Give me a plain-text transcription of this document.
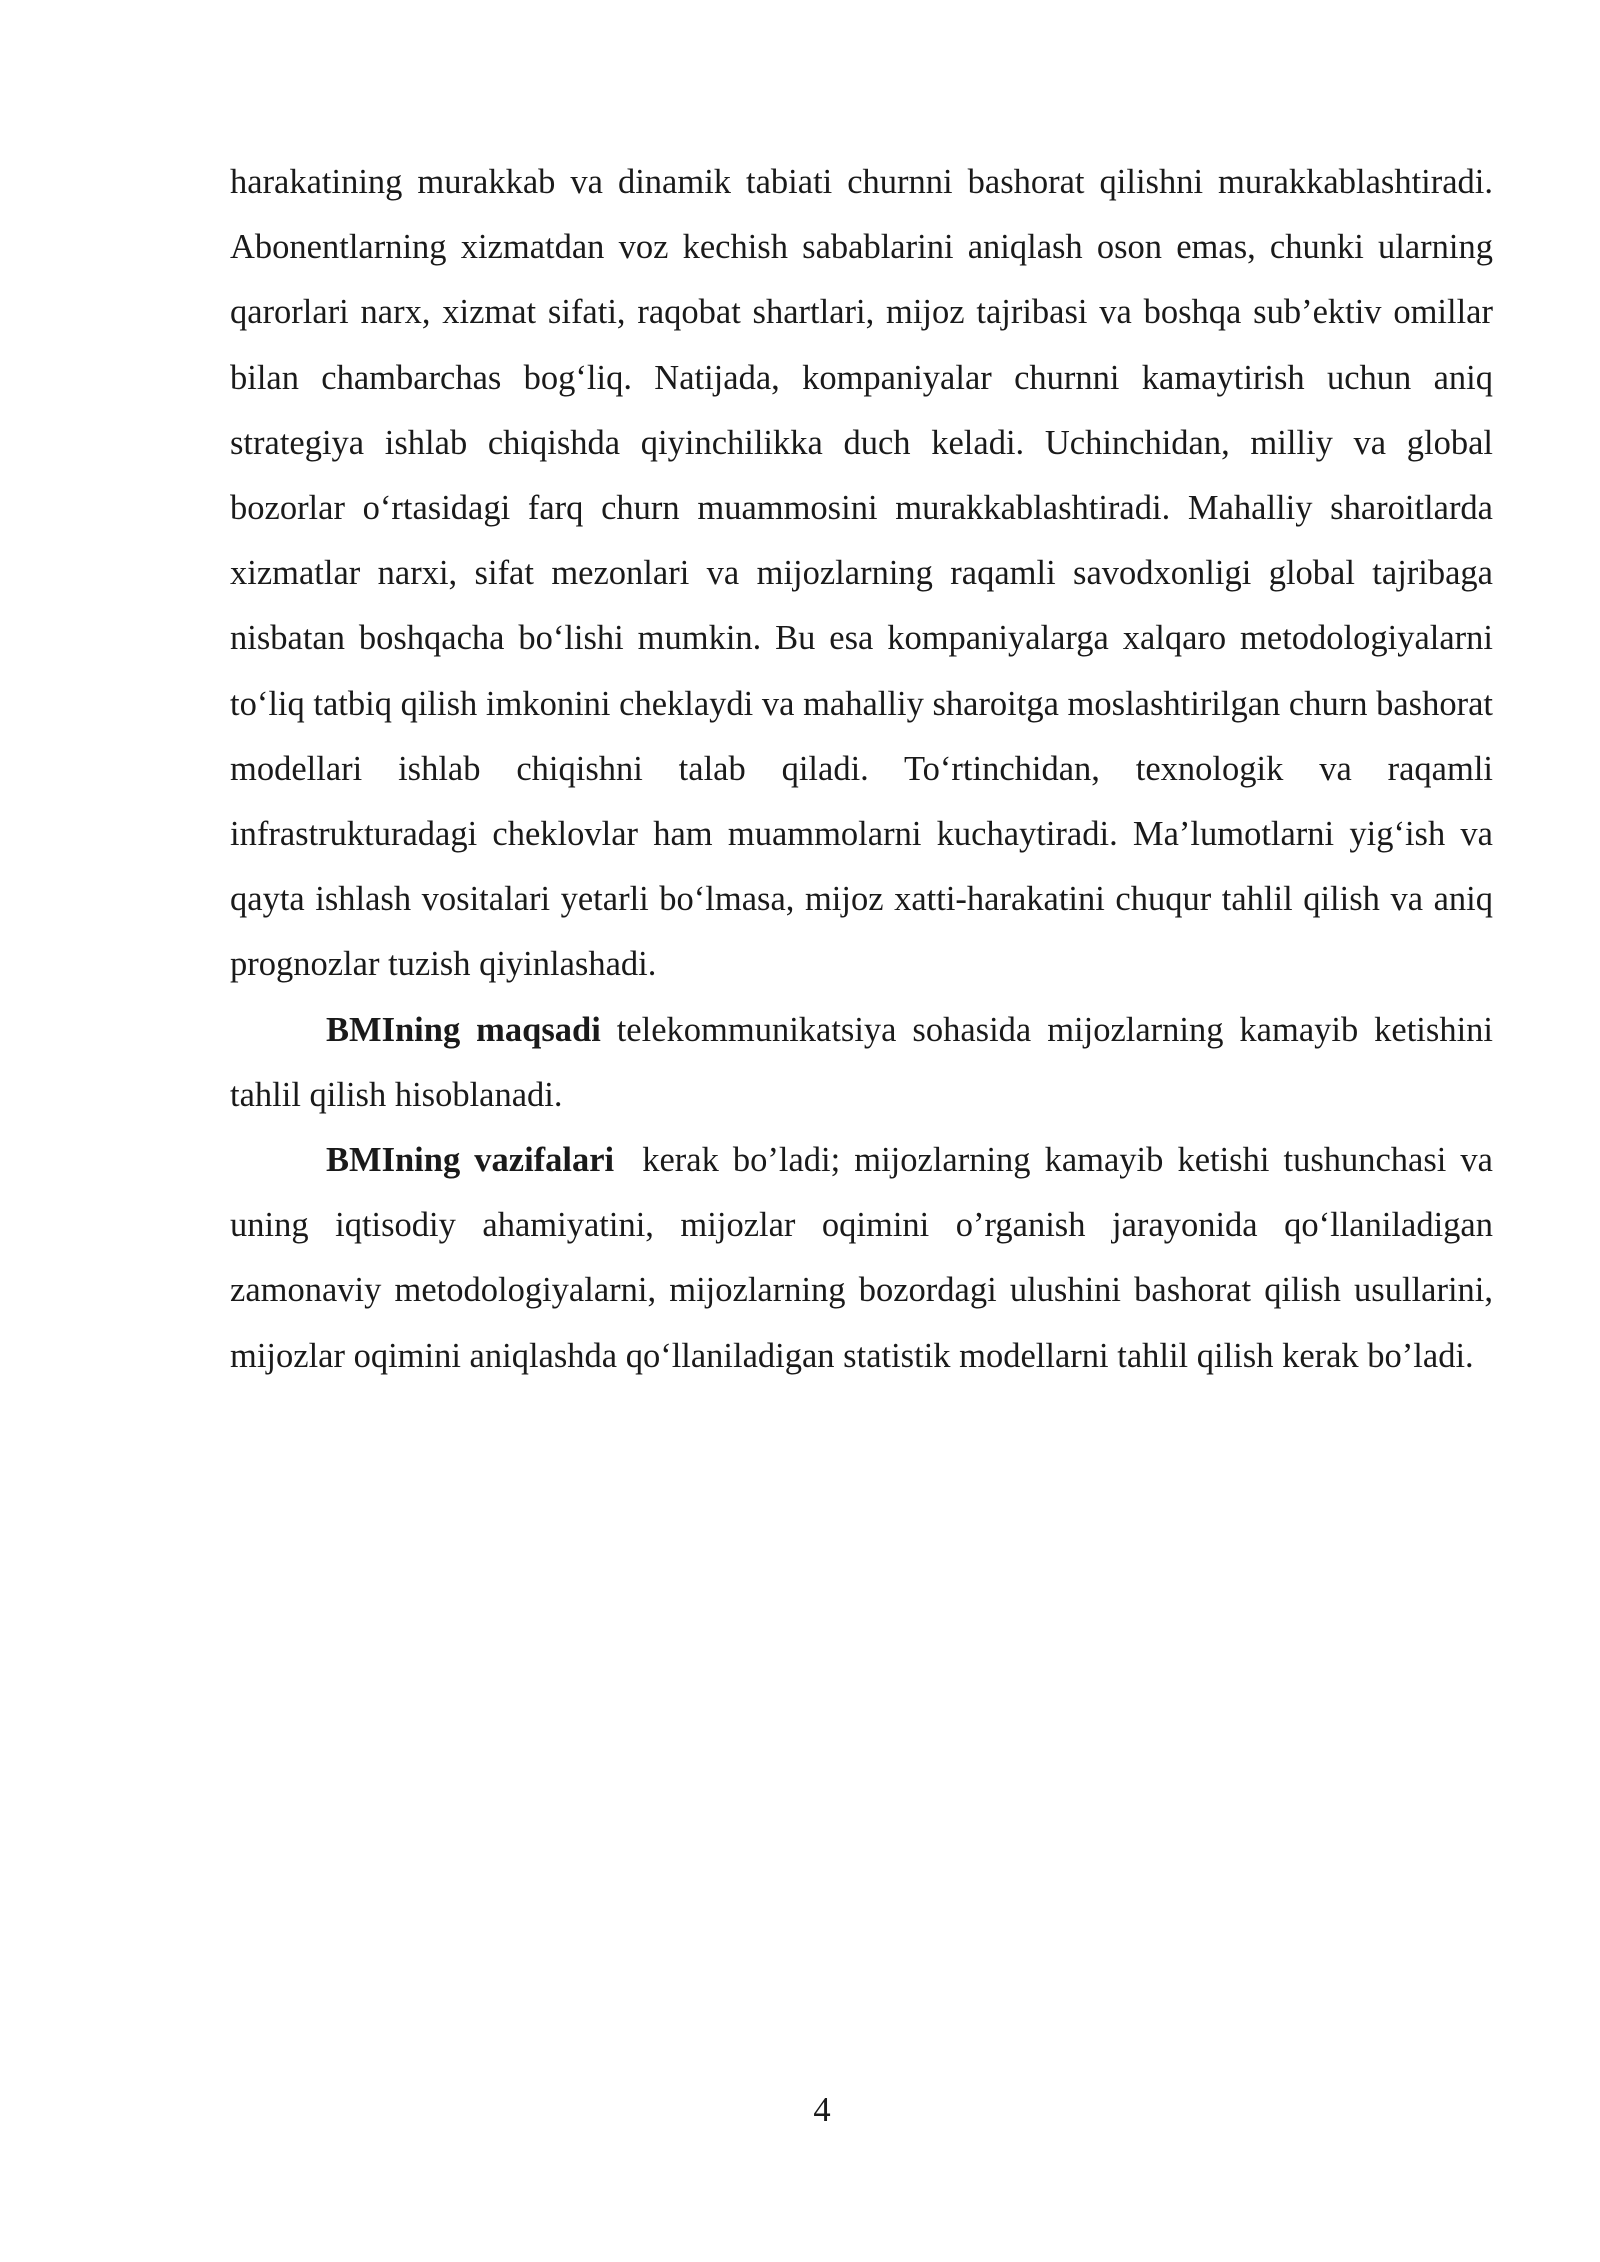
harakatining murakkab va dinamik tabiati churnni bashorat qilishni murakkablashtiradi. Abonentlarning xizmatdan voz kechish sabablarini aniqlash oson emas, chunki ularning qarorlari narx, xizmat sifati, raqobat shartlari, mijoz tajribasi va boshqa sub’ektiv omillar bilan chambarchas bog‘liq. Natijada, kompaniyalar churnni kamaytirish uchun aniq strategiya ishlab chiqishda qiyinchilikka duch keladi. Uchinchidan, milliy va global bozorlar o‘rtasidagi farq churn muammosini murakkablashtiradi. Mahalliy sharoitlarda xizmatlar narxi, sifat mezonlari va mijozlarning raqamli savodxonligi global tajribaga nisbatan boshqacha bo‘lishi mumkin. Bu esa kompaniyalarga xalqaro metodologiyalarni to‘liq tatbiq qilish imkonini cheklaydi va mahalliy sharoitga moslashtirilgan churn bashorat modellari ishlab chiqishni talab qiladi. To‘rtinchidan, texnologik va raqamli infrastrukturadagi cheklovlar ham muammolarni kuchaytiradi. Ma’lumotlarni yig‘ish va qayta ishlash vositalari yetarli bo‘lmasa, mijoz xatti-harakatini chuqur tahlil qilish va aniq prognozlar tuzish qiyinlashadi.

BMIning maqsadi telekommunikatsiya sohasida mijozlarning kamayib ketishini tahlil qilish hisoblanadi.

BMIning vazifalari  kerak bo’ladi; mijozlarning kamayib ketishi tushunchasi va uning iqtisodiy ahamiyatini, mijozlar oqimini o’rganish jarayonida qo‘llaniladigan zamonaviy metodologiyalarni, mijozlarning bozordagi ulushini bashorat qilish usullarini,  mijozlar oqimini aniqlashda qo‘llaniladigan statistik modellarni tahlil qilish kerak bo’ladi.

4
